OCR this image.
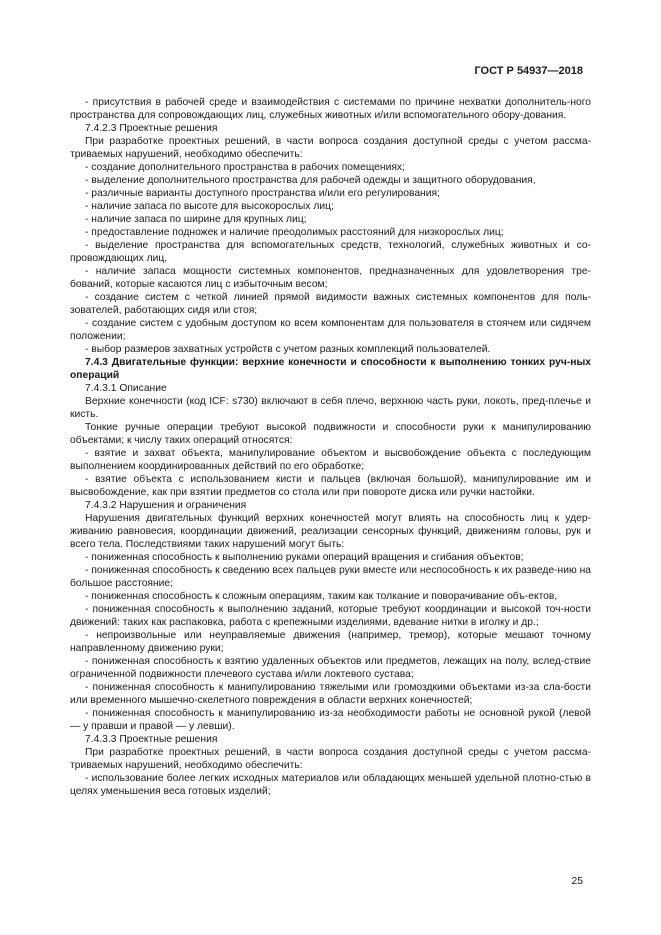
ГОСТ Р 54937—2018

- присутствия в рабочей среде и взаимодействия с системами по причине нехватки дополнитель-ного пространства для сопровождающих лиц, служебных животных и/или вспомогательного обору-дования.

7.4.2.3 Проектные решения

При разработке проектных решений, в части вопроса создания доступной среды с учетом рассма-триваемых нарушений, необходимо обеспечить:

- создание дополнительного пространства в рабочих помещениях;

- выделение дополнительного пространства для рабочей одежды и защитного оборудования,

- различные варианты доступного пространства и/или его регулирования;

- наличие запаса по высоте для высокорослых лиц;

- наличие запаса по ширине для крупных лиц;

- предоставление подножек и наличие преодолимых расстояний для низкорослых лиц;

- выделение пространства для вспомогательных средств, технологий, служебных животных и со-провождающих лиц,

- наличие запаса мощности системных компонентов, предназначенных для удовлетворения тре-бований, которые касаются лиц с избыточным весом;

- создание систем с четкой линией прямой видимости важных системных компонентов для поль-зователей, работающих сидя или стоя;

- создание систем с удобным доступом ко всем компонентам для пользователя в стоячем или сидячем положении;

- выбор размеров захватных устройств с учетом разных комплекций пользователей.

7.4.3 Двигательные функции: верхние конечности и способности к выполнению тонких руч-ных операций

7.4.3.1 Описание

Верхние конечности (код ICF: s730) включают в себя плечо, верхнюю часть руки, локоть, пред-плечье и кисть.

Тонкие ручные операции требуют высокой подвижности и способности руки к манипулированию объектами; к числу таких операций относятся:

- взятие и захват объекта, манипулирование объектом и высвобождение объекта с последующим выполнением координированных действий по его обработке;

- взятие объекта с использованием кисти и пальцев (включая большой), манипулирование им и высвобождение, как при взятии предметов со стола или при повороте диска или ручки настойки.

7.4.3.2 Нарушения и ограничения

Нарушения двигательных функций верхних конечностей могут влиять на способность лиц к удер-живанию равновесия, координации движений, реализации сенсорных функций, движениям головы, рук и всего тела. Последствиями таких нарушений могут быть:

- пониженная способность к выполнению руками операций вращения и сгибания объектов;

- пониженная способность к сведению всех пальцев руки вместе или неспособность к их разведе-нию на большое расстояние;

- пониженная способность к сложным операциям, таким как толкание и поворачивание объ-ектов,

- пониженная способность к выполнению заданий, которые требуют координации и высокой точ-ности движений: таких как распаковка, работа с крепежными изделиями, вдевание нитки в иголку и др.;

- непроизвольные или неуправляемые движения (например, тремор), которые мешают точному направленному движению руки;

- пониженная способность к взятию удаленных объектов или предметов, лежащих на полу, вслед-ствие ограниченной подвижности плечевого сустава и/или локтевого сустава;

- пониженная способность к манипулированию тяжелыми или громоздкими объектами из-за сла-бости или временного мышечно-скелетного повреждения в области верхних конечностей;

- пониженная способность к манипулированию из-за необходимости работы не основной рукой (левой — у правши и правой — у левши).

7.4.3.3 Проектные решения

При разработке проектных решений, в части вопроса создания доступной среды с учетом рассма-триваемых нарушений, необходимо обеспечить:

- использование более легких исходных материалов или обладающих меньшей удельной плотно-стью в целях уменьшения веса готовых изделий;

25
